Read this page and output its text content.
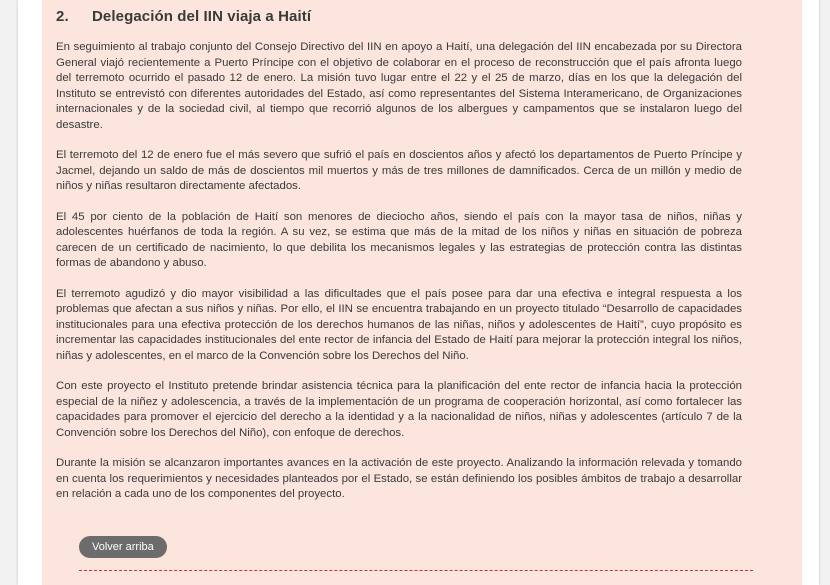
2. Delegación del IIN viaja a Haití

En seguimiento al trabajo conjunto del Consejo Directivo del IIN en apoyo a Haití, una delegación del IIN encabezada por su Directora General viajó recientemente a Puerto Príncipe con el objetivo de colaborar en el proceso de reconstrucción que el país afronta luego del terremoto ocurrido el pasado 12 de enero. La misión tuvo lugar entre el 22 y el 25 de marzo, días en los que la delegación del Instituto se entrevistó con diferentes autoridades del Estado, así como representantes del Sistema Interamericano, de Organizaciones internacionales y de la sociedad civil, al tiempo que recorrió algunos de los albergues y campamentos que se instalaron luego del desastre.

El terremoto del 12 de enero fue el más severo que sufrió el país en doscientos años y afectó los departamentos de Puerto Príncipe y Jacmel, dejando un saldo de más de doscientos mil muertos y más de tres millones de damnificados. Cerca de un millón y medio de niños y niñas resultaron directamente afectados.

El 45 por ciento de la población de Haití son menores de dieciocho años, siendo el país con la mayor tasa de niños, niñas y adolescentes huérfanos de toda la región. A su vez, se estima que más de la mitad de los niños y niñas en situación de pobreza carecen de un certificado de nacimiento, lo que debilita los mecanismos legales y las estrategias de protección contra las distintas formas de abandono y abuso.

El terremoto agudizó y dio mayor visibilidad a las dificultades que el país posee para dar una efectiva e integral respuesta a los problemas que afectan a sus niños y niñas. Por ello, el IIN se encuentra trabajando en un proyecto titulado “Desarrollo de capacidades institucionales para una efectiva protección de los derechos humanos de las niñas, niños y adolescentes de Haití”, cuyo propósito es incrementar las capacidades institucionales del ente rector de infancia del Estado de Haití para mejorar la protección integral los niños, niñas y adolescentes, en el marco de la Convención sobre los Derechos del Niño.

Con este proyecto el Instituto pretende brindar asistencia técnica para la planificación del ente rector de infancia hacia la protección especial de la niñez y adolescencia, a través de la implementación de un programa de cooperación horizontal, así como fortalecer las capacidades para promover el ejercicio del derecho a la identidad y a la nacionalidad de niños, niñas y adolescentes (artículo 7 de la Convención sobre los Derechos del Niño), con enfoque de derechos.

Durante la misión se alcanzaron importantes avances en la activación de este proyecto. Analizando la información relevada y tomando en cuenta los requerimientos y necesidades planteados por el Estado, se están definiendo los posibles ámbitos de trabajo a desarrollar en relación a cada uno de los componentes del proyecto.

Volver arriba
